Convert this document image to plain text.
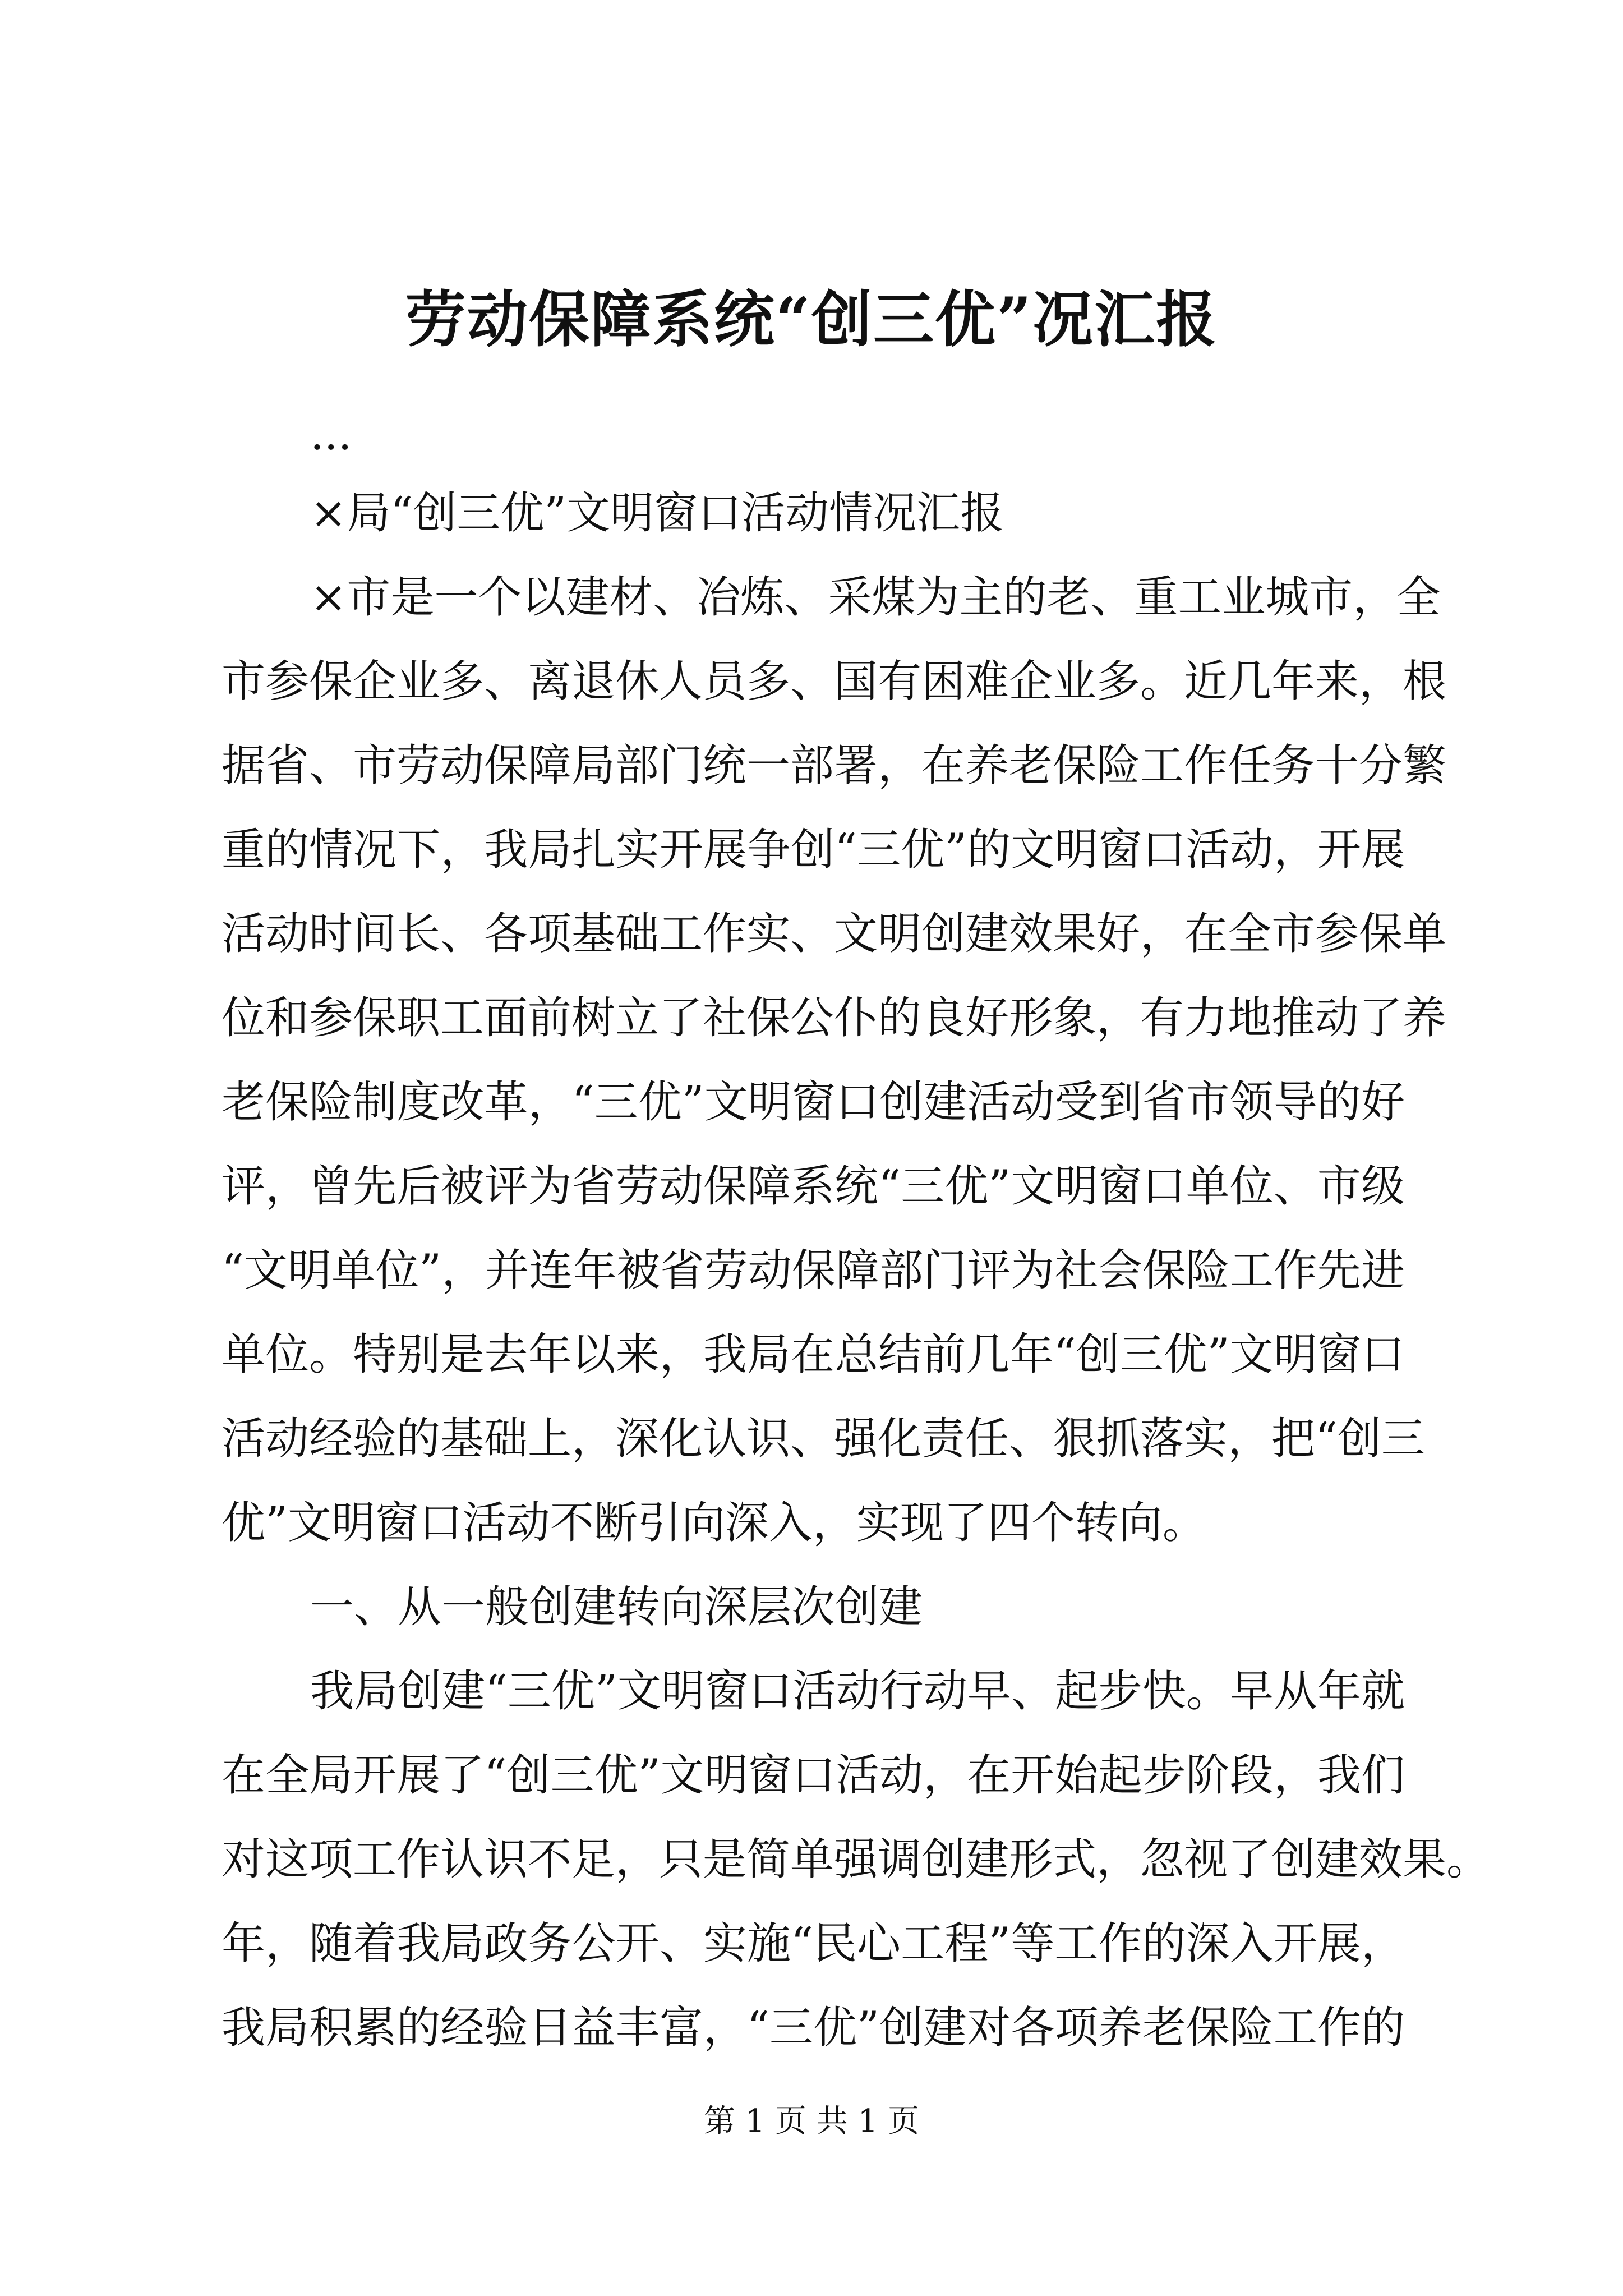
劳动保障系统“创三优”况汇报
...
×局“创三优”文明窗口活动情况汇报
×市是一个以建材、冶炼、采煤为主的老、重工业城市，全
市参保企业多、离退休人员多、国有困难企业多。近几年来，根
据省、市劳动保障局部门统一部署，在养老保险工作任务十分繁
重的情况下，我局扎实开展争创“三优”的文明窗口活动，开展
活动时间长、各项基础工作实、文明创建效果好，在全市参保单
位和参保职工面前树立了社保公仆的良好形象，有力地推动了养
老保险制度改革，“三优”文明窗口创建活动受到省市领导的好
评，曾先后被评为省劳动保障系统“三优”文明窗口单位、市级
“文明单位”，并连年被省劳动保障部门评为社会保险工作先进
单位。特别是去年以来，我局在总结前几年“创三优”文明窗口
活动经验的基础上，深化认识、强化责任、狠抓落实，把“创三
优”文明窗口活动不断引向深入，实现了四个转向。
一、从一般创建转向深层次创建
我局创建“三优”文明窗口活动行动早、起步快。早从年就
在全局开展了“创三优”文明窗口活动，在开始起步阶段，我们
对这项工作认识不足，只是简单强调创建形式，忽视了创建效果。
年，随着我局政务公开、实施“民心工程”等工作的深入开展，
我局积累的经验日益丰富，“三优”创建对各项养老保险工作的
第 1 页 共 1 页
